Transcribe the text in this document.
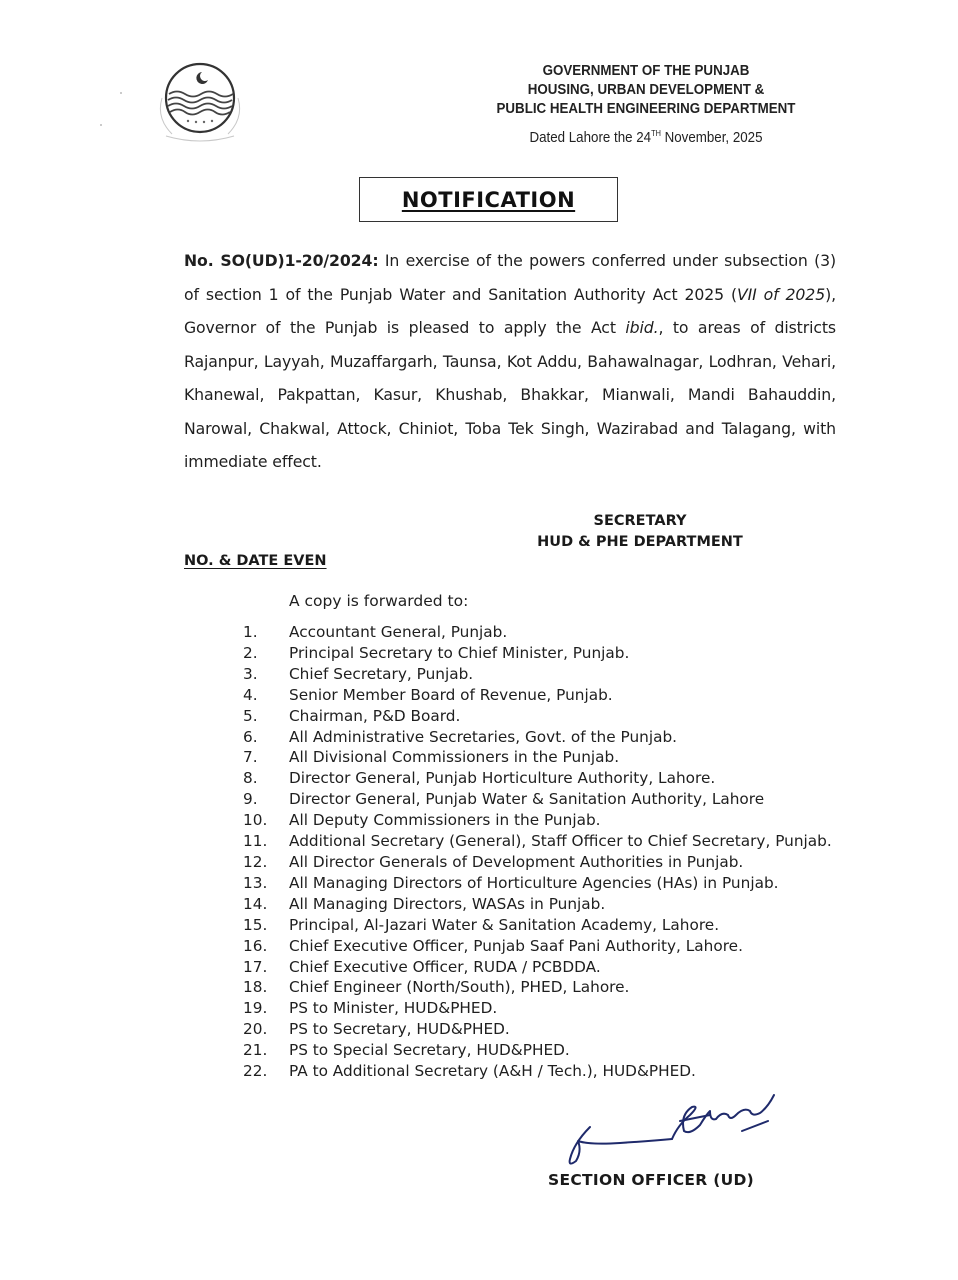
GOVERNMENT OF THE PUNJAB
HOUSING, URBAN DEVELOPMENT &
PUBLIC HEALTH ENGINEERING DEPARTMENT
Dated Lahore the 24TH November, 2025
NOTIFICATION
No. SO(UD)1-20/2024: In exercise of the powers conferred under subsection (3) of section 1 of the Punjab Water and Sanitation Authority Act 2025 (VII of 2025), Governor of the Punjab is pleased to apply the Act ibid., to areas of districts Rajanpur, Layyah, Muzaffargarh, Taunsa, Kot Addu, Bahawalnagar, Lodhran, Vehari, Khanewal, Pakpattan, Kasur, Khushab, Bhakkar, Mianwali, Mandi Bahauddin, Narowal, Chakwal, Attock, Chiniot, Toba Tek Singh, Wazirabad and Talagang, with immediate effect.
SECRETARY
HUD & PHE DEPARTMENT
NO. & DATE EVEN
A copy is forwarded to:
1.	Accountant General, Punjab.
2.	Principal Secretary to Chief Minister, Punjab.
3.	Chief Secretary, Punjab.
4.	Senior Member Board of Revenue, Punjab.
5.	Chairman, P&D Board.
6.	All Administrative Secretaries, Govt. of the Punjab.
7.	All Divisional Commissioners in the Punjab.
8.	Director General, Punjab Horticulture Authority, Lahore.
9.	Director General, Punjab Water & Sanitation Authority, Lahore
10.	All Deputy Commissioners in the Punjab.
11.	Additional Secretary (General), Staff Officer to Chief Secretary, Punjab.
12.	All Director Generals of Development Authorities in Punjab.
13.	All Managing Directors of Horticulture Agencies (HAs) in Punjab.
14.	All Managing Directors, WASAs in Punjab.
15.	Principal, Al-Jazari Water & Sanitation Academy, Lahore.
16.	Chief Executive Officer, Punjab Saaf Pani Authority, Lahore.
17.	Chief Executive Officer, RUDA / PCBDDA.
18.	Chief Engineer (North/South), PHED, Lahore.
19.	PS to Minister, HUD&PHED.
20.	PS to Secretary, HUD&PHED.
21.	PS to Special Secretary, HUD&PHED.
22.	PA to Additional Secretary (A&H / Tech.), HUD&PHED.
SECTION OFFICER (UD)
